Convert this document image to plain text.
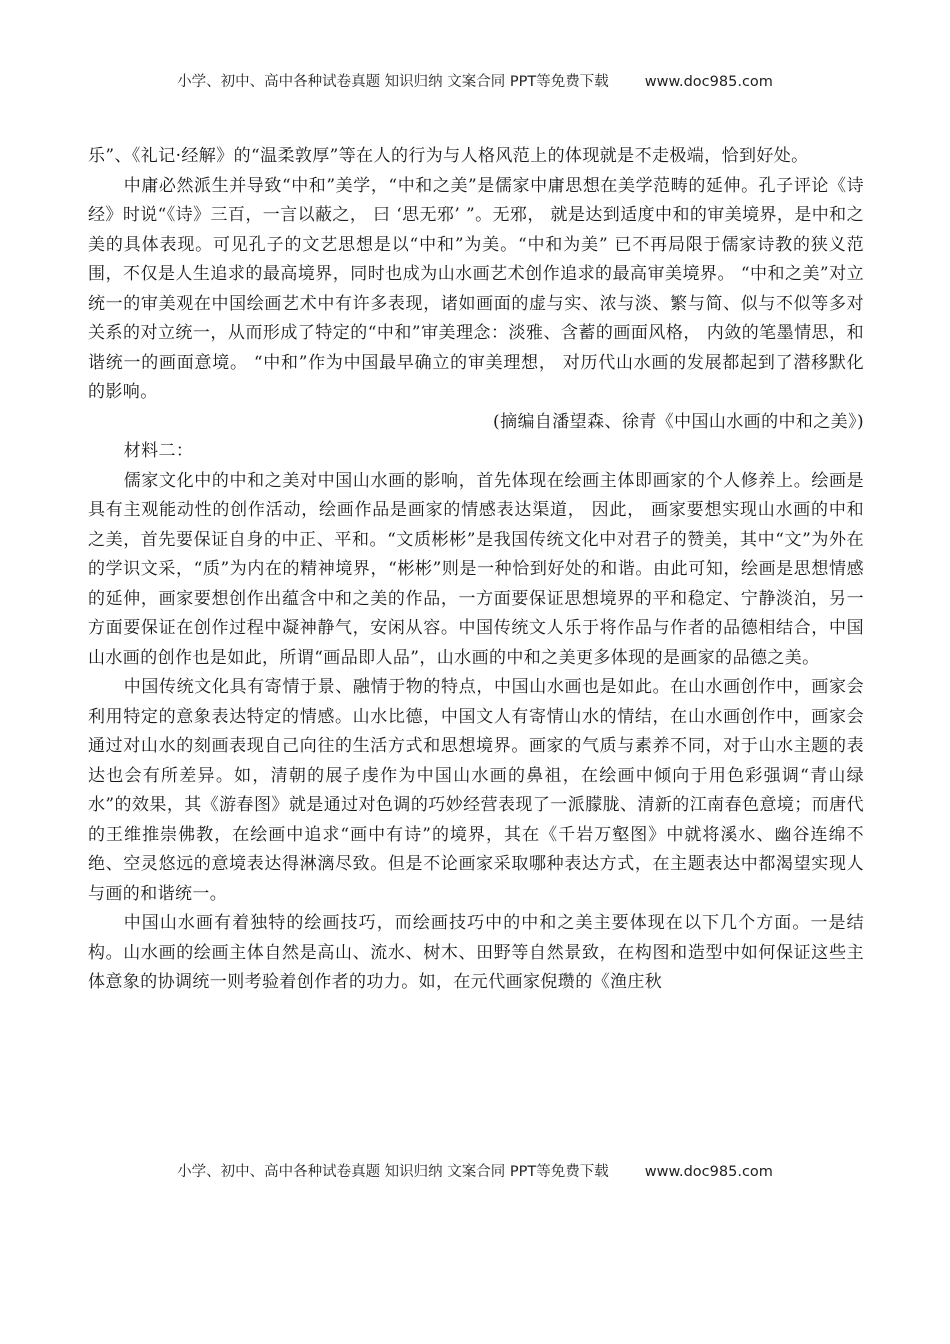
小学、初中、高中各种试卷真题 知识归纳 文案合同 PPT等免费下载 www.doc985.com

乐”、《礼记·经解》的“温柔敦厚”等在人的行为与人格风范上的体现就是不走极端，恰到好处。

中庸必然派生并导致“中和”美学，“中和之美”是儒家中庸思想在美学范畴的延伸。孔子评论《诗经》时说“《诗》三百，一言以蔽之， 曰 ‘思无邪’ ”。无邪， 就是达到适度中和的审美境界，是中和之美的具体表现。可见孔子的文艺思想是以“中和”为美。“中和为美” 已不再局限于儒家诗教的狭义范围，不仅是人生追求的最高境界，同时也成为山水画艺术创作追求的最高审美境界。 “中和之美”对立统一的审美观在中国绘画艺术中有许多表现，诸如画面的虚与实、浓与淡、繁与简、似与不似等多对关系的对立统一，从而形成了特定的“中和”审美理念：淡雅、含蓄的画面风格， 内敛的笔墨情思，和谐统一的画面意境。 “中和”作为中国最早确立的审美理想， 对历代山水画的发展都起到了潜移默化的影响。

(摘编自潘望森、徐青《中国山水画的中和之美》)

材料二：

儒家文化中的中和之美对中国山水画的影响，首先体现在绘画主体即画家的个人修养上。绘画是具有主观能动性的创作活动，绘画作品是画家的情感表达渠道， 因此， 画家要想实现山水画的中和之美，首先要保证自身的中正、平和。“文质彬彬”是我国传统文化中对君子的赞美，其中“文”为外在的学识文采，“质”为内在的精神境界，“彬彬”则是一种恰到好处的和谐。由此可知，绘画是思想情感的延伸，画家要想创作出蕴含中和之美的作品，一方面要保证思想境界的平和稳定、宁静淡泊，另一方面要保证在创作过程中凝神静气，安闲从容。中国传统文人乐于将作品与作者的品德相结合，中国山水画的创作也是如此，所谓“画品即人品”，山水画的中和之美更多体现的是画家的品德之美。

中国传统文化具有寄情于景、融情于物的特点，中国山水画也是如此。在山水画创作中，画家会利用特定的意象表达特定的情感。山水比德，中国文人有寄情山水的情结，在山水画创作中，画家会通过对山水的刻画表现自己向往的生活方式和思想境界。画家的气质与素养不同，对于山水主题的表达也会有所差异。如，清朝的展子虔作为中国山水画的鼻祖，在绘画中倾向于用色彩强调“青山绿水”的效果，其《游春图》就是通过对色调的巧妙经营表现了一派朦胧、清新的江南春色意境；而唐代的王维推崇佛教，在绘画中追求“画中有诗”的境界，其在《千岩万壑图》中就将溪水、幽谷连绵不绝、空灵悠远的意境表达得淋漓尽致。但是不论画家采取哪种表达方式，在主题表达中都渴望实现人与画的和谐统一。

中国山水画有着独特的绘画技巧，而绘画技巧中的中和之美主要体现在以下几个方面。一是结构。山水画的绘画主体自然是高山、流水、树木、田野等自然景致，在构图和造型中如何保证这些主体意象的协调统一则考验着创作者的功力。如，在元代画家倪瓒的《渔庄秋

小学、初中、高中各种试卷真题 知识归纳 文案合同 PPT等免费下载 www.doc985.com
